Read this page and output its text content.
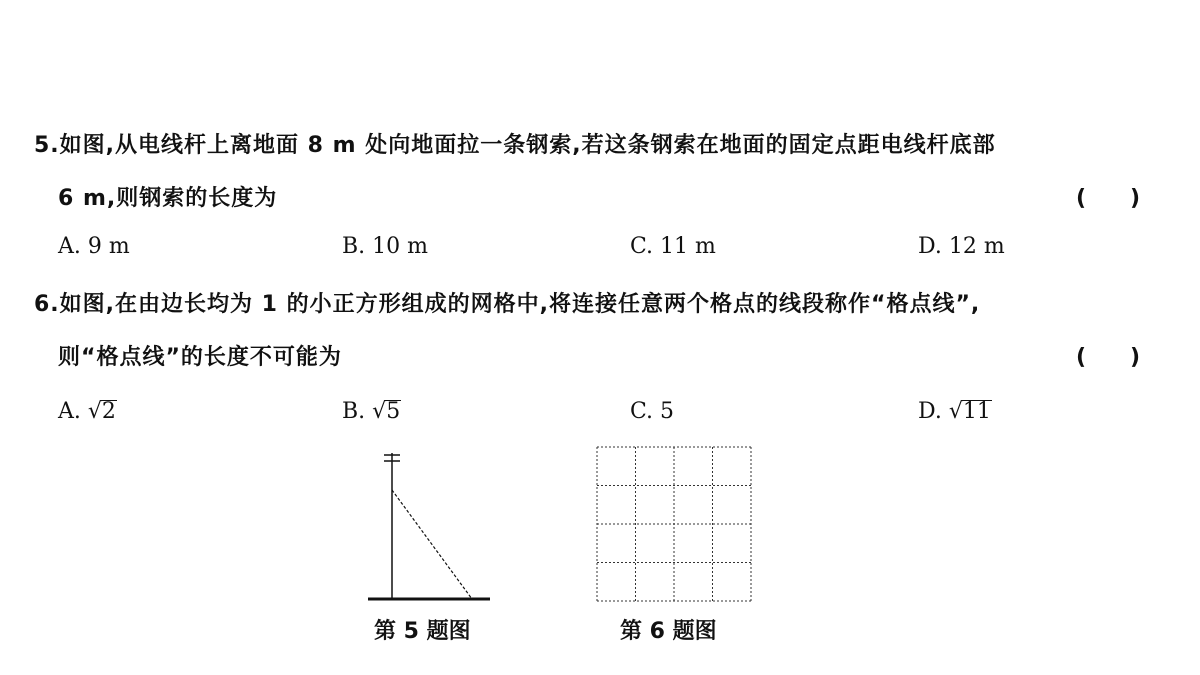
5.如图,从电线杆上离地面 8 m 处向地面拉一条钢索,若这条钢索在地面的固定点距电线杆底部
6 m,则钢索的长度为	(　　)
A. 9 m	B. 10 m	C. 11 m	D. 12 m
6.如图,在由边长均为 1 的小正方形组成的网格中,将连接任意两个格点的线段称作“格点线”,
则“格点线”的长度不可能为	(　　)
A. √2	B. √5	C. 5	D. √11
第 5 题图	第 6 题图
